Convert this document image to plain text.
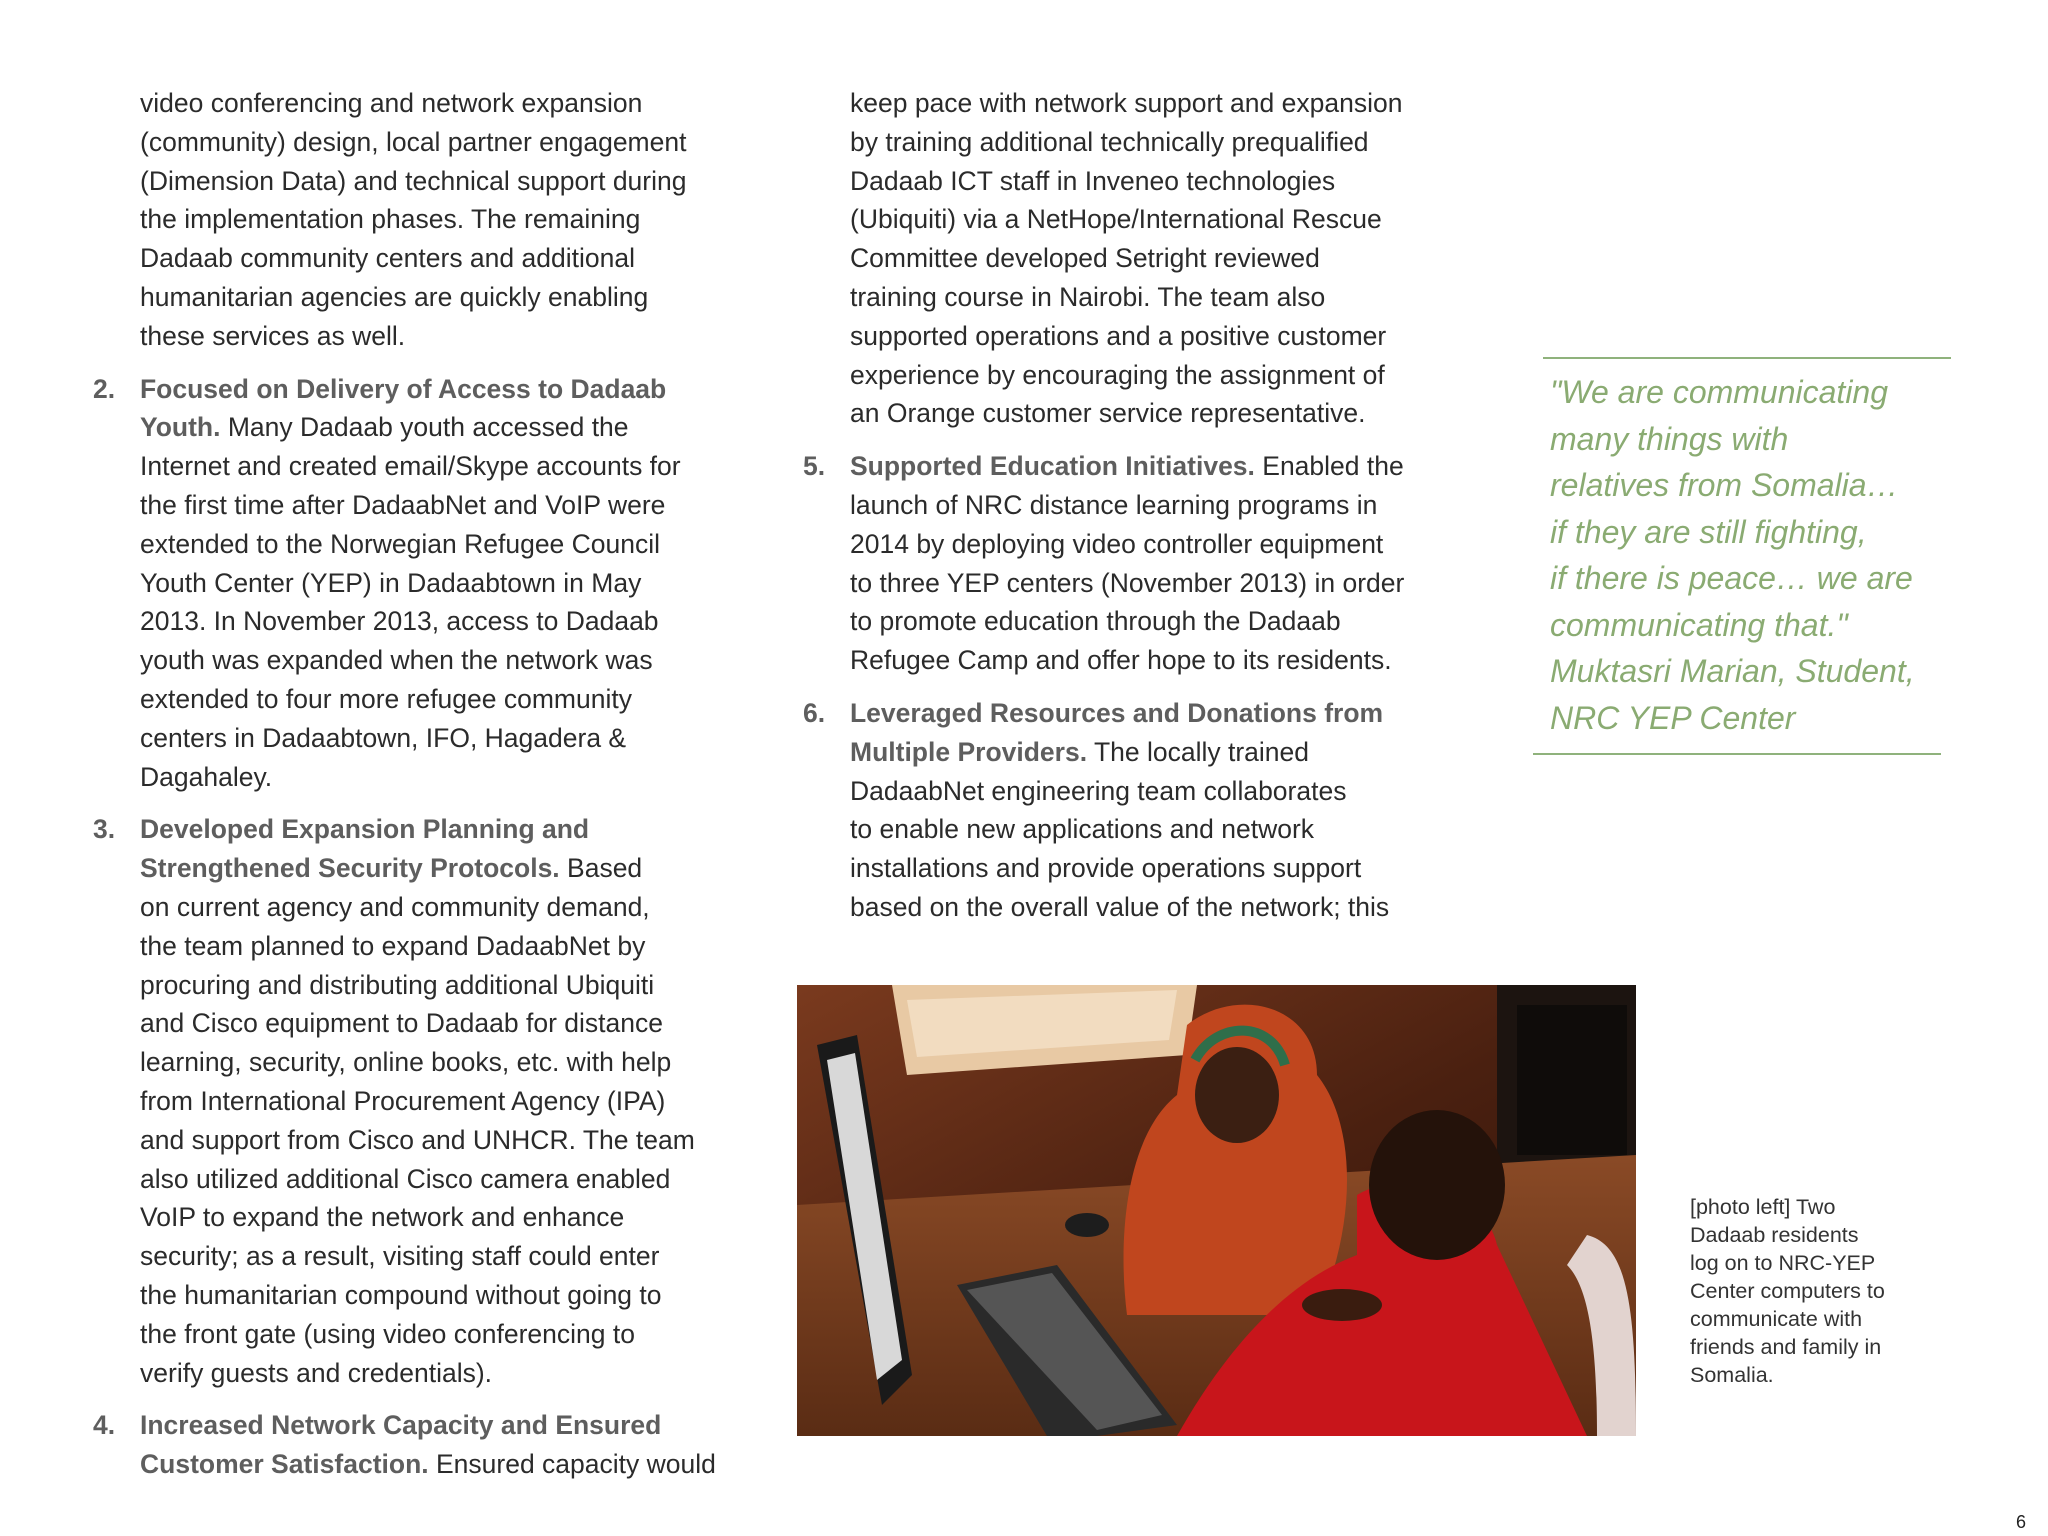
video conferencing and network expansion
(community) design, local partner engagement
(Dimension Data) and technical support during
the implementation phases. The remaining
Dadaab community centers and additional
humanitarian agencies are quickly enabling
these services as well.
2. Focused on Delivery of Access to Dadaab
Youth. Many Dadaab youth accessed the
Internet and created email/Skype accounts for
the first time after DadaabNet and VoIP were
extended to the Norwegian Refugee Council
Youth Center (YEP) in Dadaabtown in May
2013. In November 2013, access to Dadaab
youth was expanded when the network was
extended to four more refugee community
centers in Dadaabtown, IFO, Hagadera &
Dagahaley.
3. Developed Expansion Planning and
Strengthened Security Protocols. Based
on current agency and community demand,
the team planned to expand DadaabNet by
procuring and distributing additional Ubiquiti
and Cisco equipment to Dadaab for distance
learning, security, online books, etc. with help
from International Procurement Agency (IPA)
and support from Cisco and UNHCR. The team
also utilized additional Cisco camera enabled
VoIP to expand the network and enhance
security; as a result, visiting staff could enter
the humanitarian compound without going to
the front gate (using video conferencing to
verify guests and credentials).
4. Increased Network Capacity and Ensured
Customer Satisfaction. Ensured capacity would
keep pace with network support and expansion
by training additional technically prequalified
Dadaab ICT staff in Inveneo technologies
(Ubiquiti) via a NetHope/International Rescue
Committee developed Setright reviewed
training course in Nairobi. The team also
supported operations and a positive customer
experience by encouraging the assignment of
an Orange customer service representative.
5. Supported Education Initiatives. Enabled the
launch of NRC distance learning programs in
2014 by deploying video controller equipment
to three YEP centers (November 2013) in order
to promote education through the Dadaab
Refugee Camp and offer hope to its residents.
6. Leveraged Resources and Donations from
Multiple Providers. The locally trained
DadaabNet engineering team collaborates
to enable new applications and network
installations and provide operations support
based on the overall value of the network; this
"We are communicating
many things with
relatives from Somalia…
if they are still fighting,
if there is peace… we are
communicating that."
Muktasri Marian, Student,
NRC YEP Center
[photo left] Two
Dadaab residents
log on to NRC-YEP
Center computers to
communicate with
friends and family in
Somalia.
6
